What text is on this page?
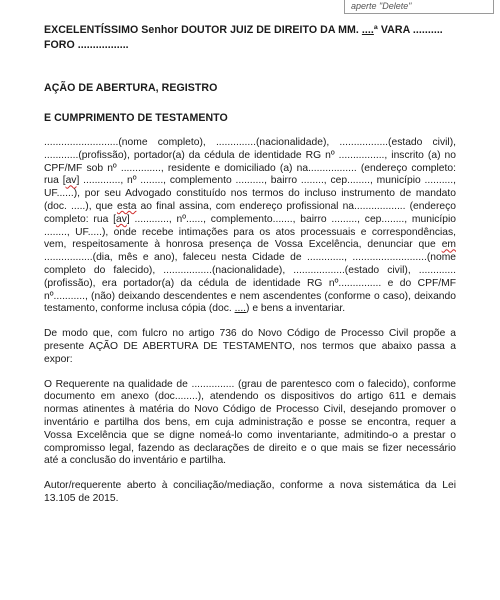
aperte "Delete"
EXCELENTÍSSIMO Senhor DOUTOR JUIZ DE DIREITO DA MM. ....ª VARA ..........
FORO .................
AÇÃO DE ABERTURA, REGISTRO
E CUMPRIMENTO DE TESTAMENTO
..........................(nome completo), ..............(nacionalidade), .................(estado civil), ............(profissão), portador(a) da cédula de identidade RG nº ................, inscrito (a) no CPF/MF sob nº .............., residente e domiciliado (a) na................. (endereço completo: rua [av] ............., nº ........, complemento .........., bairro ........, cep........, município .........., UF......), por seu Advogado constituído nos termos do incluso instrumento de mandato (doc. .....), que esta ao final assina, com endereço profissional na.................. (endereço completo: rua [av] ............, nº......, complemento......., bairro ........., cep........, município ........, UF.....), onde recebe intimações para os atos processuais e correspondências, vem, respeitosamente à honrosa presença de Vossa Excelência, denunciar que em .................(dia, mês e ano), faleceu nesta Cidade de ............., ..........................(nome completo do falecido), .................(nacionalidade), ..................(estado civil), .............(profissão), era portador(a) da cédula de identidade RG nº............... e do CPF/MF nº..........., (não) deixando descendentes e nem ascendentes (conforme o caso), deixando testamento, conforme inclusa cópia (doc. ....) e bens a inventariar.
De modo que, com fulcro no artigo 736 do Novo Código de Processo Civil propõe a presente AÇÃO DE ABERTURA DE TESTAMENTO, nos termos que abaixo passa a expor:
O Requerente na qualidade de ............... (grau de parentesco com o falecido), conforme documento em anexo (doc........), atendendo os dispositivos do artigo 611 e demais normas atinentes à matéria do Novo Código de Processo Civil, desejando promover o inventário e partilha dos bens, em cuja administração e posse se encontra, requer a Vossa Excelência que se digne nomeá-lo como inventariante, admitindo-o a prestar o compromisso legal, fazendo as declarações de direito e o que mais se fizer necessário até a conclusão do inventário e partilha.
Autor/requerente aberto à conciliação/mediação, conforme a nova sistemática da Lei 13.105 de 2015.
